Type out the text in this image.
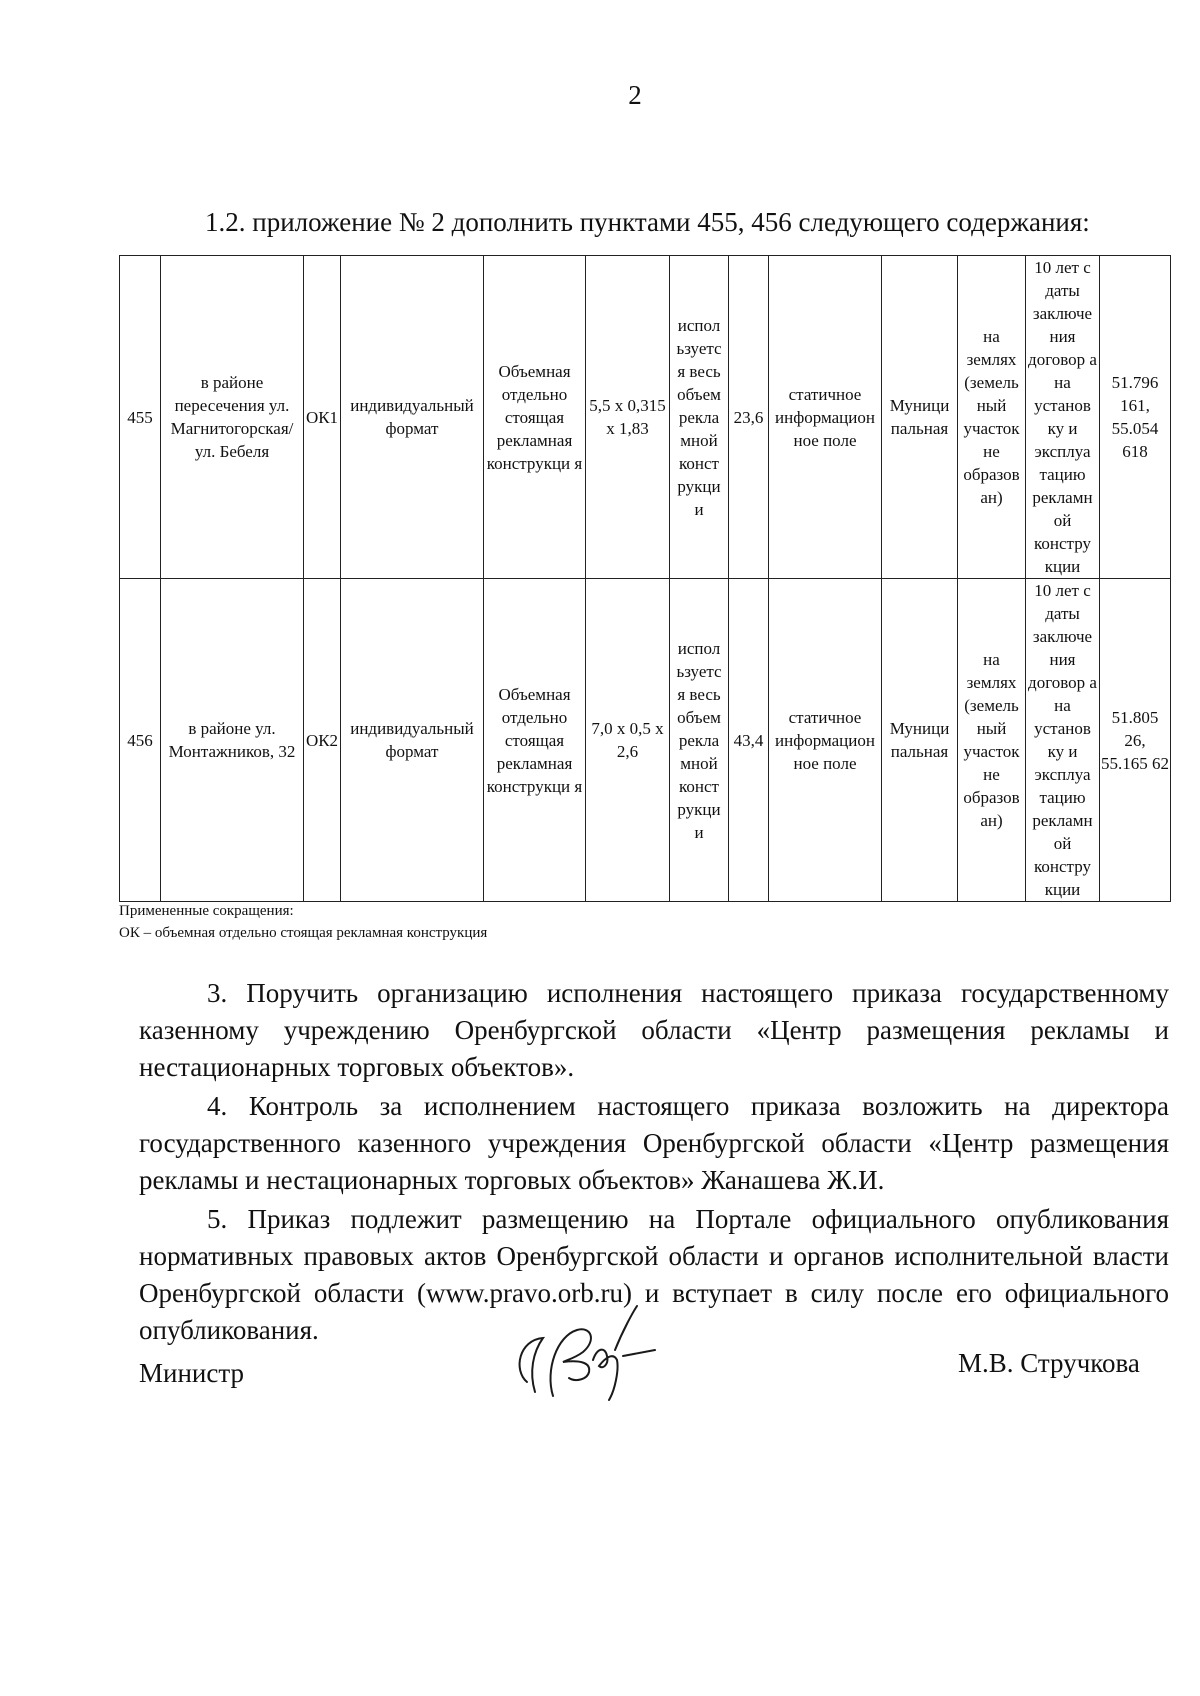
2
1.2. приложение № 2 дополнить пунктами 455, 456 следующего содержания:
455	в районе пересечения ул. Магнитогорская/ ул. Бебеля	ОК1	индивидуальный формат	Объемная отдельно стоящая рекламная конструкци я	5,5 х 0,315 х 1,83	испол ьзуетс я весь объем рекла мной конст рукци и	23,6	статичное информацион ное поле	Муници пальная	на землях (земель ный участок не образов ан)	10 лет с даты заключе ния договор а на установ ку и эксплуа тацию рекламн ой констру кции	51.796 161, 55.054 618
456	в районе ул. Монтажников, 32	ОК2	индивидуальный формат	Объемная отдельно стоящая рекламная конструкци я	7,0 х 0,5 х 2,6	испол ьзуетс я весь объем рекла мной конст рукци и	43,4	статичное информацион ное поле	Муници пальная	на землях (земель ный участок не образов ан)	10 лет с даты заключе ния договор а на установ ку и эксплуа тацию рекламн ой констру кции	51.805 26, 55.165 62
Примененные сокращения:
ОК – объемная отдельно стоящая рекламная конструкция

3. Поручить организацию исполнения настоящего приказа государственному казенному учреждению Оренбургской области «Центр размещения рекламы и нестационарных торговых объектов».

4. Контроль за исполнением настоящего приказа возложить на директора государственного казенного учреждения Оренбургской области «Центр размещения рекламы и нестационарных торговых объектов» Жанашева Ж.И.

5. Приказ подлежит размещению на Портале официального опубликования нормативных правовых актов Оренбургской области и органов исполнительной власти Оренбургской области (www.pravo.orb.ru) и вступает в силу после его официального опубликования.

Министр	М.В. Стручкова
